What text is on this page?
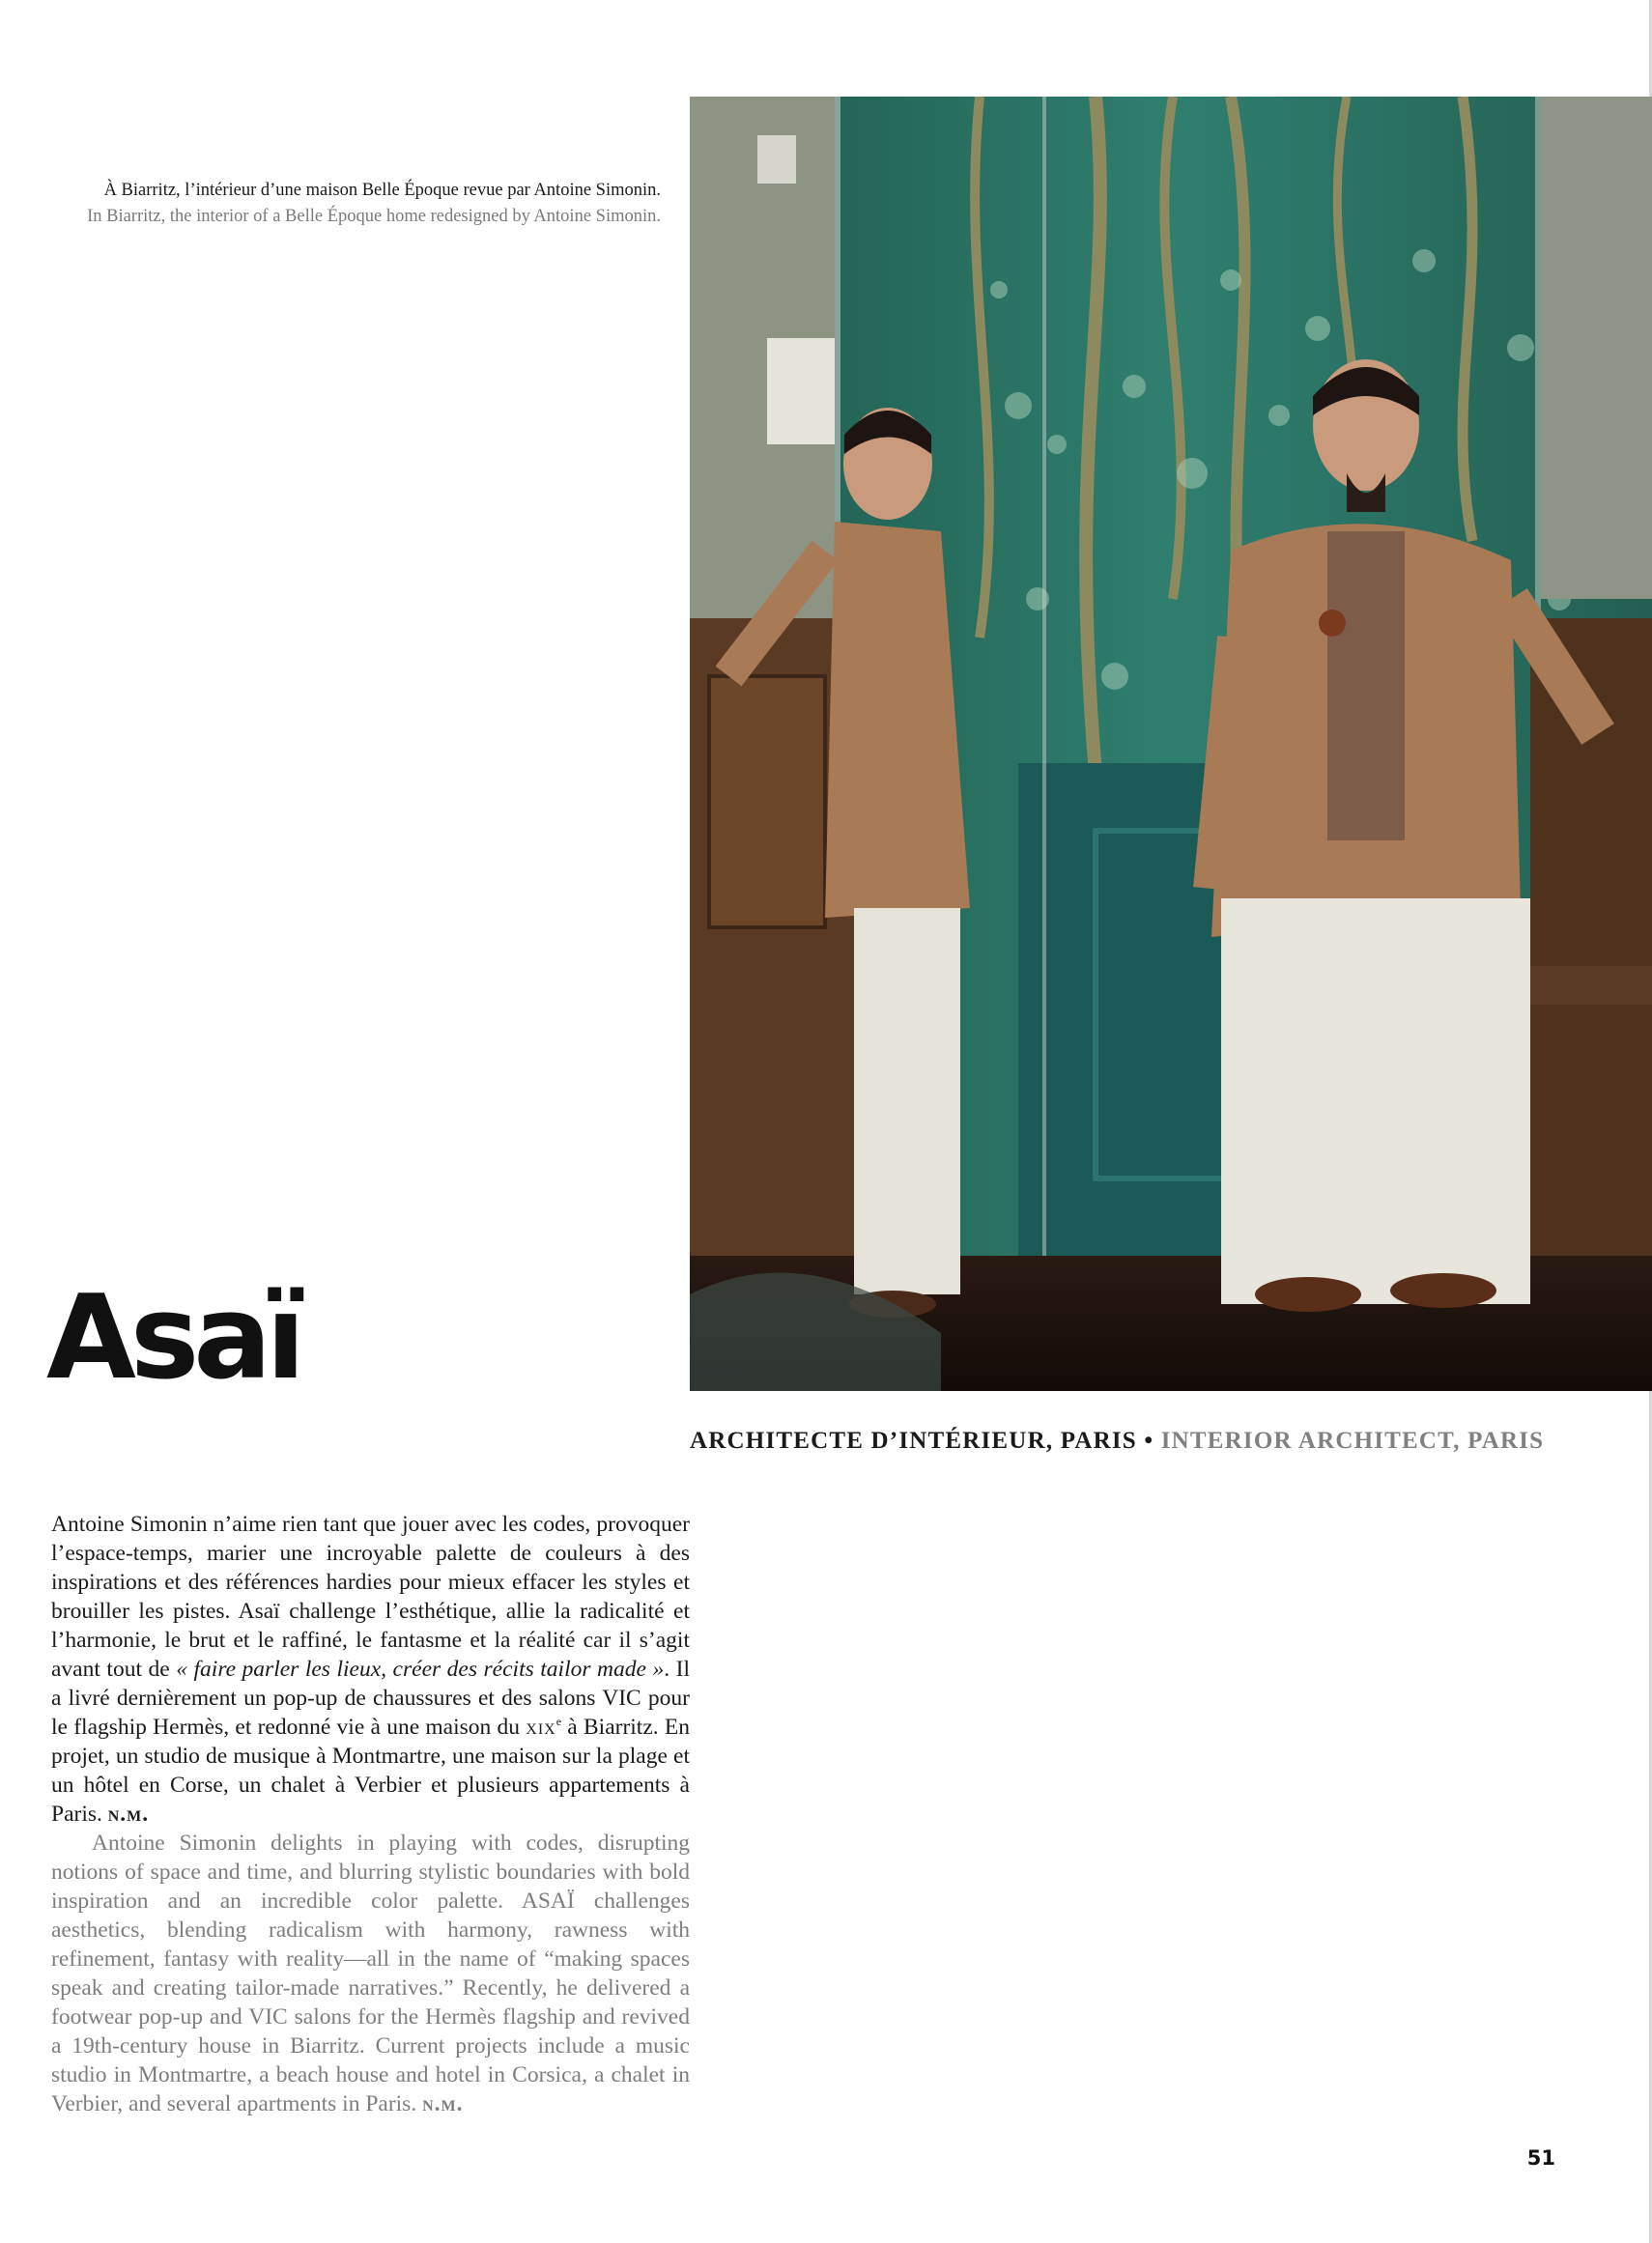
À Biarritz, l’intérieur d’une maison Belle Époque revue par Antoine Simonin.
In Biarritz, the interior of a Belle Époque home redesigned by Antoine Simonin.
Asaï
ARCHITECTE D’INTÉRIEUR, PARIS • INTERIOR ARCHITECT, PARIS

Antoine Simonin n’aime rien tant que jouer avec les codes, provoquer l’espace-temps, marier une incroyable palette de couleurs à des inspirations et des références hardies pour mieux effacer les styles et brouiller les pistes. Asaï challenge l’esthétique, allie la radicalité et l’harmonie, le brut et le raffiné, le fantasme et la réalité car il s’agit avant tout de « faire parler les lieux, créer des récits tailor made ». Il a livré dernièrement un pop-up de chaussures et des salons VIC pour le flagship Hermès, et redonné vie à une maison du xix$^e$ à Biarritz. En projet, un studio de musique à Montmartre, une maison sur la plage et un hôtel en Corse, un chalet à Verbier et plusieurs appartements à Paris. n.m.

Antoine Simonin delights in playing with codes, disrupting notions of space and time, and blurring stylistic boundaries with bold inspiration and an incredible color palette. ASAÏ challenges aesthetics, blending radicalism with harmony, rawness with refinement, fantasy with reality—all in the name of “making spaces speak and creating tailor-made narratives.” Recently, he delivered a footwear pop-up and VIC salons for the Hermès flagship and revived a 19th-century house in Biarritz. Current projects include a music studio in Montmartre, a beach house and hotel in Corsica, a chalet in Verbier, and several apartments in Paris. n.m.

51
